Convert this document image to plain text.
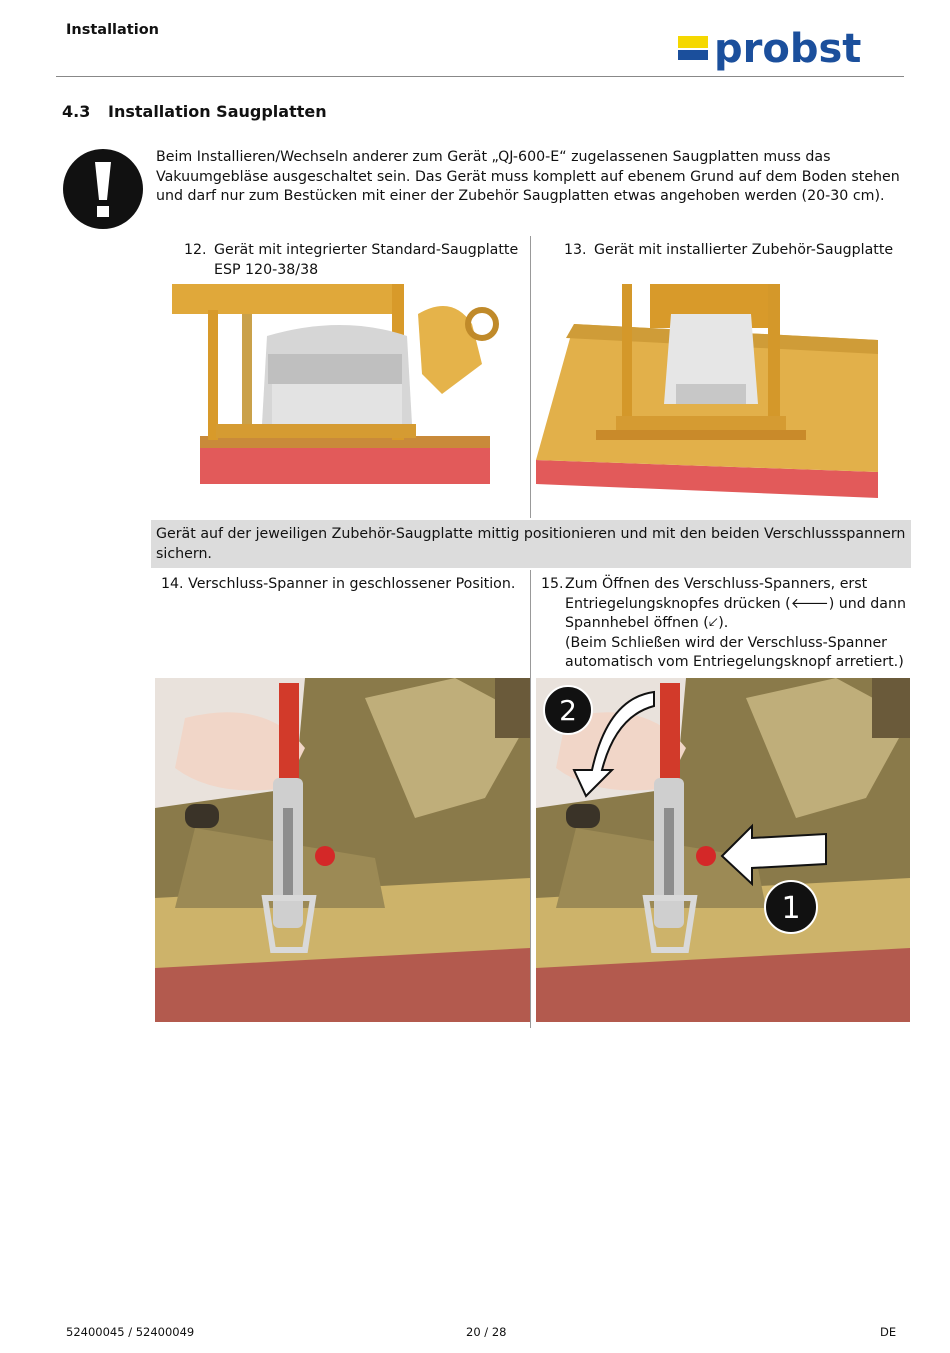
Installation	probst
4.3 Installation Saugplatten
Beim Installieren/Wechseln anderer zum Gerät „QJ-600-E“ zugelassenen Saugplatten muss das Vakuumgebläse ausgeschaltet sein. Das Gerät muss komplett auf ebenem Grund auf dem Boden stehen und darf nur zum Bestücken mit einer der Zubehör Saugplatten etwas angehoben werden (20-30 cm).
12. Gerät mit integrierter Standard-Saugplatte ESP 120-38/38
13. Gerät mit installierter Zubehör-Saugplatte
Gerät auf der jeweiligen Zubehör-Saugplatte mittig positionieren und mit den beiden Verschlussspannern sichern.
14. Verschluss-Spanner in geschlossener Position.	15. Zum Öffnen des Verschluss-Spanners, erst Entriegelungsknopfes drücken (🡐) und dann Spannhebel öffnen (🡗).
(Beim Schließen wird der Verschluss-Spanner automatisch vom Entriegelungsknopf arretiert.)
2
1
52400045 / 52400049	20 / 28	DE
